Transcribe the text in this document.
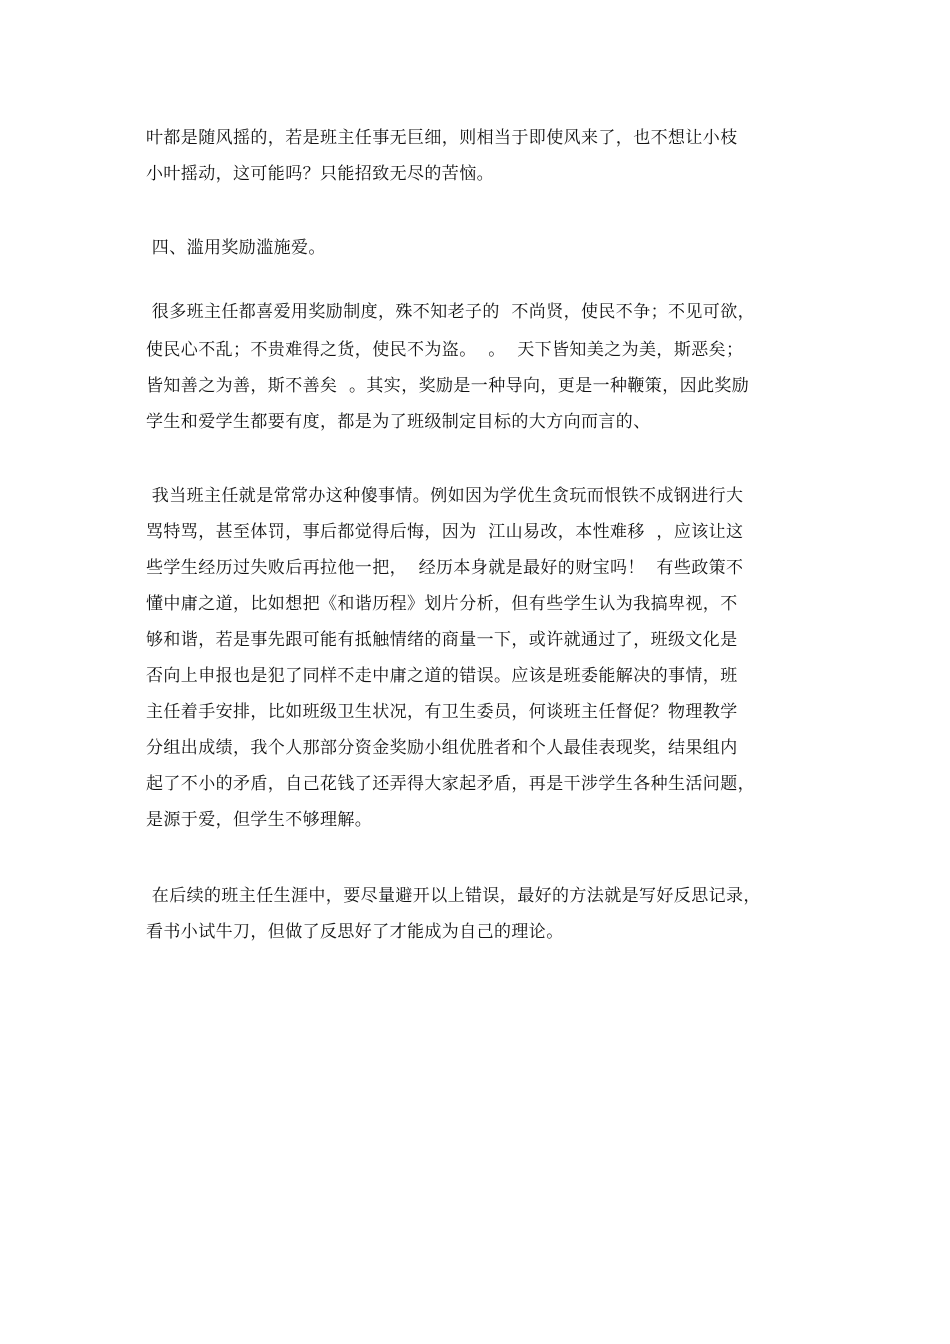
叶都是随风摇的，若是班主任事无巨细，则相当于即使风来了，也不想让小枝
小叶摇动，这可能吗？只能招致无尽的苦恼。
四、滥用奖励滥施爱。
很多班主任都喜爱用奖励制度，殊不知老子的  不尚贤，使民不争；不见可欲，
使民心不乱；不贵难得之货，使民不为盗。  。  天下皆知美之为美，斯恶矣；
皆知善之为善，斯不善矣  。其实，奖励是一种导向，更是一种鞭策，因此奖励
学生和爱学生都要有度，都是为了班级制定目标的大方向而言的、
我当班主任就是常常办这种傻事情。例如因为学优生贪玩而恨铁不成钢进行大
骂特骂，甚至体罚，事后都觉得后悔，因为  江山易改，本性难移  ，应该让这
些学生经历过失败后再拉他一把，  经历本身就是最好的财宝吗！  有些政策不
懂中庸之道，比如想把《和谐历程》划片分析，但有些学生认为我搞卑视，不
够和谐，若是事先跟可能有抵触情绪的商量一下，或许就通过了，班级文化是
否向上申报也是犯了同样不走中庸之道的错误。应该是班委能解决的事情，班
主任着手安排，比如班级卫生状况，有卫生委员，何谈班主任督促？物理教学
分组出成绩，我个人那部分资金奖励小组优胜者和个人最佳表现奖，结果组内
起了不小的矛盾，自己花钱了还弄得大家起矛盾，再是干涉学生各种生活问题，
是源于爱，但学生不够理解。
在后续的班主任生涯中，要尽量避开以上错误，最好的方法就是写好反思记录，
看书小试牛刀，但做了反思好了才能成为自己的理论。
